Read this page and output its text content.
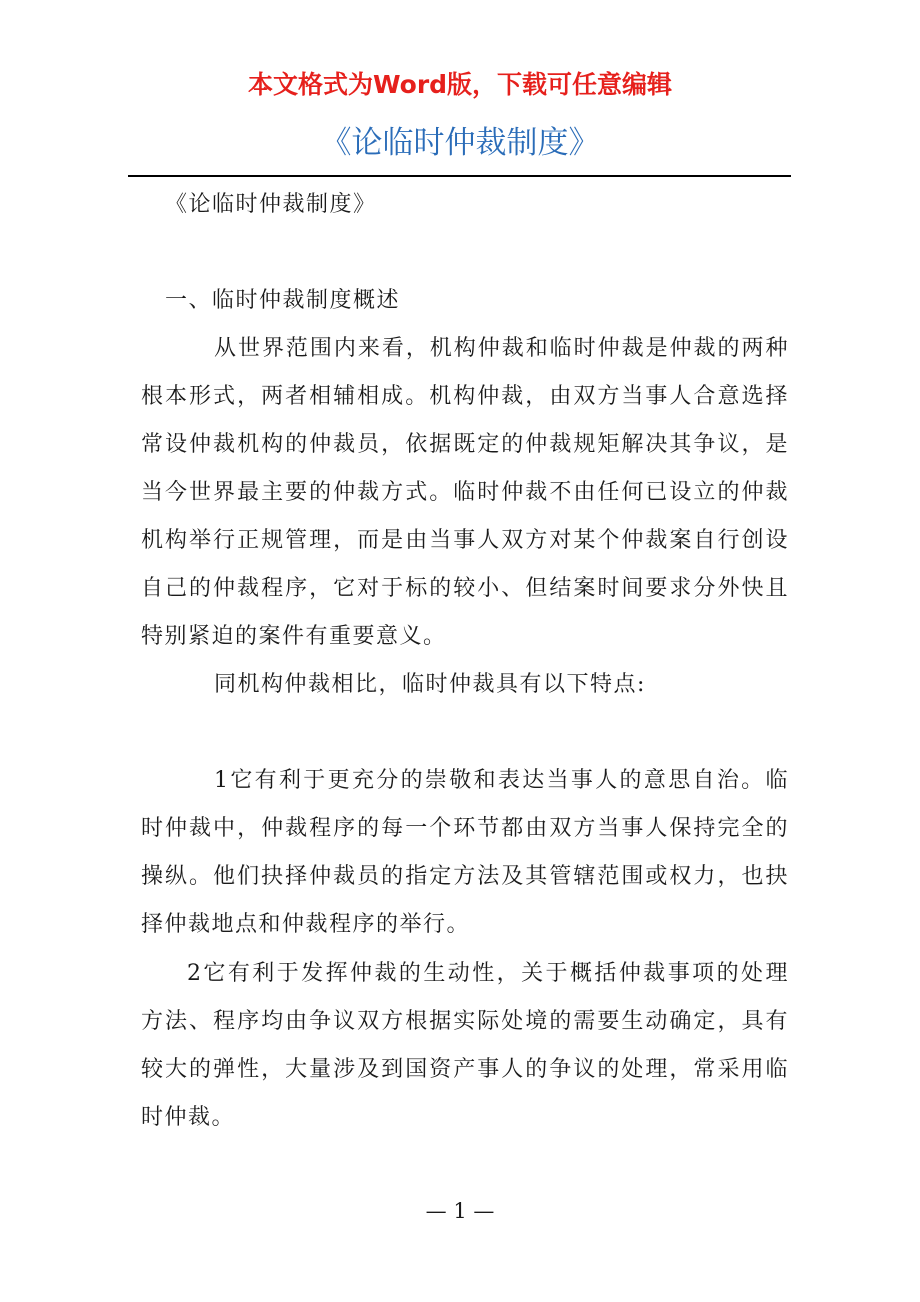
本文格式为Word版，下载可任意编辑
《论临时仲裁制度》

《论临时仲裁制度》

一、临时仲裁制度概述

从世界范围内来看，机构仲裁和临时仲裁是仲裁的两种根本形式，两者相辅相成。机构仲裁，由双方当事人合意选择常设仲裁机构的仲裁员，依据既定的仲裁规矩解决其争议，是当今世界最主要的仲裁方式。临时仲裁不由任何已设立的仲裁机构举行正规管理，而是由当事人双方对某个仲裁案自行创设自己的仲裁程序，它对于标的较小、但结案时间要求分外快且特别紧迫的案件有重要意义。

同机构仲裁相比，临时仲裁具有以下特点:

1它有利于更充分的崇敬和表达当事人的意思自治。临时仲裁中，仲裁程序的每一个环节都由双方当事人保持完全的操纵。他们抉择仲裁员的指定方法及其管辖范围或权力，也抉择仲裁地点和仲裁程序的举行。

2它有利于发挥仲裁的生动性，关于概括仲裁事项的处理方法、程序均由争议双方根据实际处境的需要生动确定，具有较大的弹性，大量涉及到国资产事人的争议的处理，常采用临时仲裁。

— 1 —
